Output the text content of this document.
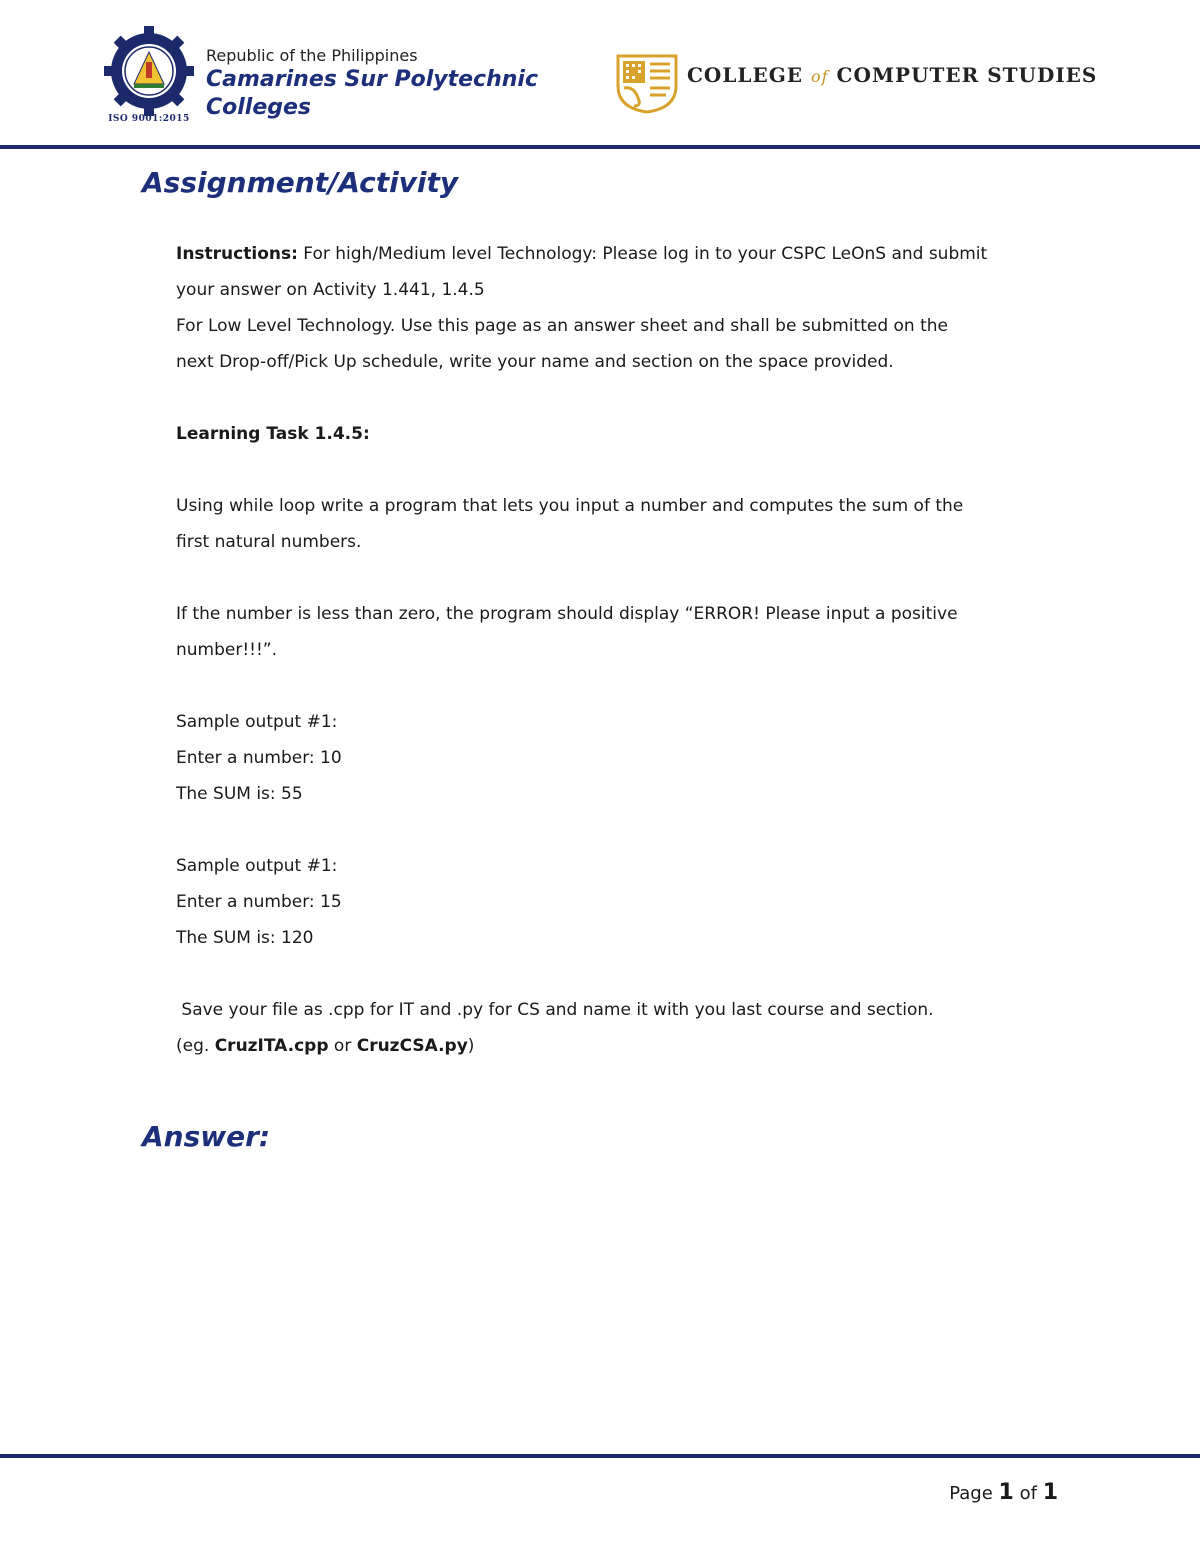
ISO 9001:2015
Republic of the Philippines
Camarines Sur Polytechnic Colleges
COLLEGE of COMPUTER STUDIES
Assignment/Activity

Instructions: For high/Medium level Technology: Please log in to your CSPC LeOnS and submit

your answer on Activity 1.441, 1.4.5

For Low Level Technology. Use this page as an answer sheet and shall be submitted on the

next Drop-off/Pick Up schedule, write your name and section on the space provided.

Learning Task 1.4.5:

Using while loop write a program that lets you input a number and computes the sum of the

first natural numbers.

If the number is less than zero, the program should display “ERROR! Please input a positive

number!!!”.

Sample output #1:

Enter a number: 10

The SUM is: 55

Sample output #1:

Enter a number: 15

The SUM is: 120

Save your file as .cpp for IT and .py for CS and name it with you last course and section.

(eg. CruzITA.cpp or CruzCSA.py)

Answer:
Page 1 of 1
